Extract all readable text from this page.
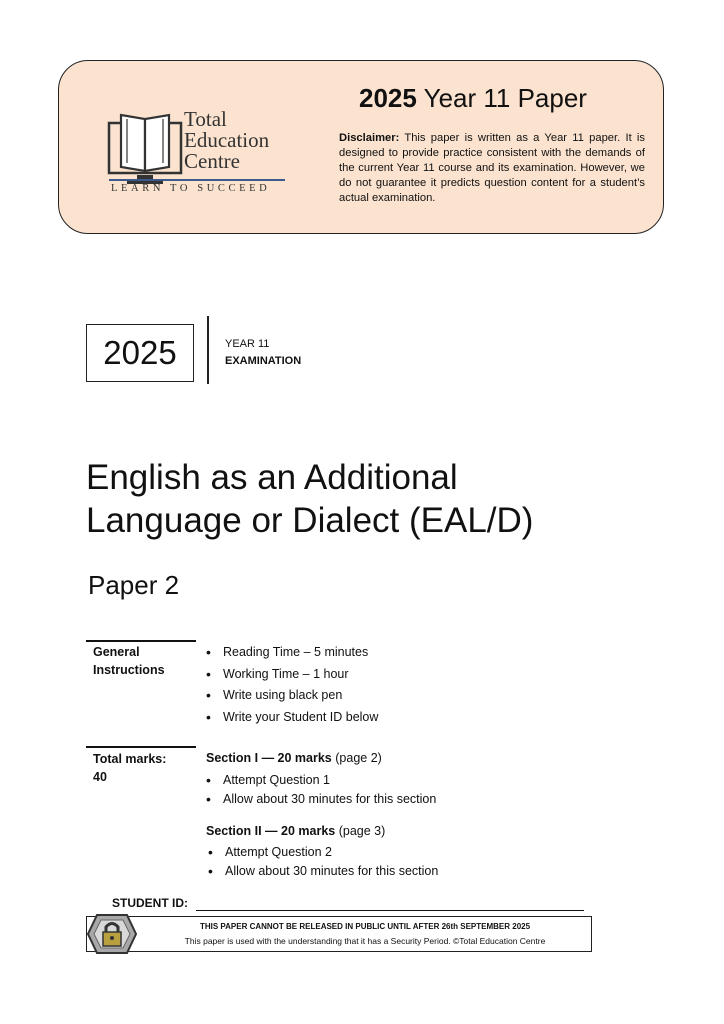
Total
Education
Centre
LEARN TO SUCCEED
2025 Year 11 Paper
Disclaimer: This paper is written as a Year 11 paper. It is designed to provide practice consistent with the demands of the current Year 11 course and its examination. However, we do not guarantee it predicts question content for a student’s actual examination.
2025	YEAR 11
EXAMINATION
English as an Additional
Language or Dialect (EAL/D)
Paper 2
General
Instructions
• Reading Time – 5 minutes
• Working Time – 1 hour
• Write using black pen
• Write your Student ID below
Total marks:
40
Section I — 20 marks (page 2)
• Attempt Question 1
• Allow about 30 minutes for this section
Section II — 20 marks (page 3)
• Attempt Question 2
• Allow about 30 minutes for this section
STUDENT ID:
THIS PAPER CANNOT BE RELEASED IN PUBLIC UNTIL AFTER 26th SEPTEMBER 2025
This paper is used with the understanding that it has a Security Period. ©Total Education Centre
